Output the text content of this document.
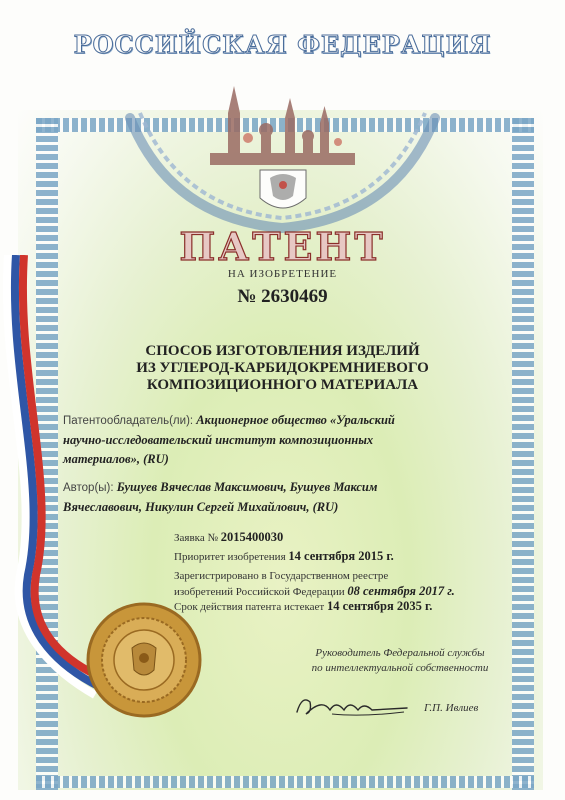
РОССИЙСКАЯ ФЕДЕРАЦИЯ
ПАТЕНТ
НА ИЗОБРЕТЕНИЕ
№ 2630469
СПОСОБ ИЗГОТОВЛЕНИЯ ИЗДЕЛИЙ
ИЗ УГЛЕРОД-КАРБИДОКРЕМНИЕВОГО
КОМПОЗИЦИОННОГО МАТЕРИАЛА
Патентообладатель(ли): Акционерное общество «Уральский
научно-исследовательский институт композиционных
материалов», (RU)
Автор(ы): Бушуев Вячеслав Максимович, Бушуев Максим
Вячеславович, Никулин Сергей Михайлович, (RU)
Заявка № 2015400030
Приоритет изобретения 14 сентября 2015 г.
Зарегистрировано в Государственном реестре
изобретений Российской Федерации 08 сентября 2017 г.
Срок действия патента истекает 14 сентября 2035 г.
Руководитель Федеральной службы
по интеллектуальной собственности
Г.П. Ивлиев
